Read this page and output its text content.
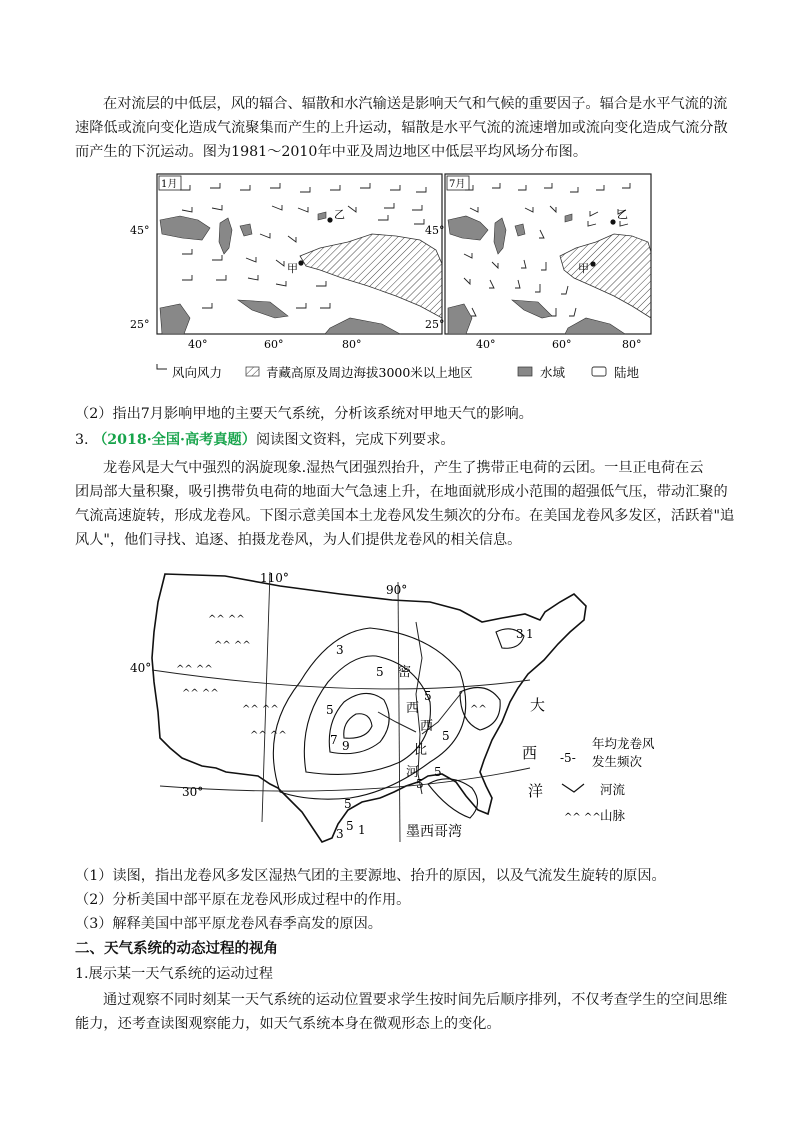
在对流层的中低层，风的辐合、辐散和水汽输送是影响天气和气候的重要因子。辐合是水平气流的流
速降低或流向变化造成气流聚集而产生的上升运动，辐散是水平气流的流速增加或流向变化造成气流分散
而产生的下沉运动。图为1981～2010年中亚及周边地区中低层平均风场分布图。
1月
甲
乙
45°
25°
40°	60°	80°
7月
甲
乙
45°
25°
40°	60°	80°
风向风力	青藏高原及周边海拔3000米以上地区	水域	陆地
（2）指出7月影响甲地的主要天气系统，分析该系统对甲地天气的影响。
3. （2018·全国·高考真题）阅读图文资料，完成下列要求。
龙卷风是大气中强烈的涡旋现象.湿热气团强烈抬升，产生了携带正电荷的云团。一旦正电荷在云
团局部大量积聚，吸引携带负电荷的地面大气急速上升，在地面就形成小范围的超强低气压，带动汇聚的
气流高速旋转，形成龙卷风。下图示意美国本土龙卷风发生频次的分布。在美国龙卷风多发区，活跃着"追
风人"，他们寻找、追逐、拍摄龙卷风，为人们提供龙卷风的相关信息。
^^ ^^
^^ ^^
^^ ^^
^^ ^^
^^ ^^
^^ ^^
^^
110°
90°
40°
30°
3
5
5
5
7 9
5
5
5
5
3 1
3 1
5
密
西
西
比
河
大
西
洋
墨西哥湾
-5-
年均龙卷风
发生频次
河流
^^ ^^ 山脉
（1）读图，指出龙卷风多发区湿热气团的主要源地、抬升的原因，以及气流发生旋转的原因。
（2）分析美国中部平原在龙卷风形成过程中的作用。
（3）解释美国中部平原龙卷风春季高发的原因。
二、天气系统的动态过程的视角
1.展示某一天气系统的运动过程
通过观察不同时刻某一天气系统的运动位置要求学生按时间先后顺序排列，不仅考查学生的空间思维
能力，还考查读图观察能力，如天气系统本身在微观形态上的变化。
